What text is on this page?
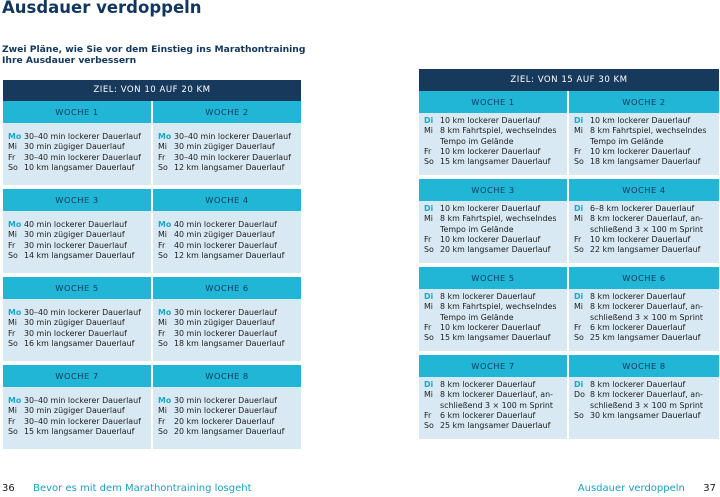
Ausdauer verdoppeln
Zwei Pläne, wie Sie vor dem Einstieg ins Marathontraining
Ihre Ausdauer verbessern
ZIEL: VON 10 AUF 20 KM
WOCHE 1
Mo 30–40 min lockerer Dauerlauf
Mi 30 min zügiger Dauerlauf
Fr	30–40 min lockerer Dauerlauf
So 10 km langsamer Dauerlauf
WOCHE 2
Mo 30–40 min lockerer Dauerlauf
Mi 30 min zügiger Dauerlauf
Fr	30–40 min lockerer Dauerlauf
So 12 km langsamer Dauerlauf
WOCHE 3
Mo 40 min lockerer Dauerlauf
Mi 30 min zügiger Dauerlauf
Fr	30 min lockerer Dauerlauf
So 14 km langsamer Dauerlauf
WOCHE 4
Mo 40 min lockerer Dauerlauf
Mi 40 min zügiger Dauerlauf
Fr	40 min lockerer Dauerlauf
So 12 km langsamer Dauerlauf
WOCHE 5
Mo 30–40 min lockerer Dauerlauf
Mi 30 min zügiger Dauerlauf
Fr	30 min lockerer Dauerlauf
So 16 km langsamer Dauerlauf
WOCHE 6
Mo 30 min lockerer Dauerlauf
Mi 30 min zügiger Dauerlauf
Fr	30 min lockerer Dauerlauf
So 18 km langsamer Dauerlauf
WOCHE 7
Mo 30–40 min lockerer Dauerlauf
Mi 30 min zügiger Dauerlauf
Fr	30–40 min lockerer Dauerlauf
So 15 km langsamer Dauerlauf
WOCHE 8
Mo 30 min lockerer Dauerlauf
Mi 30 min lockerer Dauerlauf
Fr	20 km lockerer Dauerlauf
So 20 km langsamer Dauerlauf
ZIEL: VON 15 AUF 30 KM
WOCHE 1
Di 10 km lockerer Dauerlauf
Mi 8 km Fahrtspiel, wechselndes
Tempo im Gelände
Fr	10 km lockerer Dauerlauf
So 15 km langsamer Dauerlauf
WOCHE 2
Di 10 km lockerer Dauerlauf
Mi 8 km Fahrtspiel, wechselndes
Tempo im Gelände
Fr	10 km lockerer Dauerlauf
So 18 km langsamer Dauerlauf
WOCHE 3
Di 10 km lockerer Dauerlauf
Mi 8 km Fahrtspiel, wechselndes
Tempo im Gelände
Fr	10 km lockerer Dauerlauf
So 20 km langsamer Dauerlauf
WOCHE 4
Di 6–8 km lockerer Dauerlauf
Mi 8 km lockerer Dauerlauf, an-
schließend 3 × 100 m Sprint
Fr	10 km lockerer Dauerlauf
So 22 km langsamer Dauerlauf
WOCHE 5
Di 8 km lockerer Dauerlauf
Mi 8 km Fahrtspiel, wechselndes
Tempo im Gelände
Fr	10 km lockerer Dauerlauf
So 15 km langsamer Dauerlauf
WOCHE 6
Di 8 km lockerer Dauerlauf
Mi 8 km lockerer Dauerlauf, an-
schließend 3 × 100 m Sprint
Fr	6 km lockerer Dauerlauf
So 25 km langsamer Dauerlauf
WOCHE 7
Di 8 km lockerer Dauerlauf
Mi 8 km lockerer Dauerlauf, an-
schließend 3 × 100 m Sprint
Fr	6 km lockerer Dauerlauf
So 25 km langsamer Dauerlauf
WOCHE 8
Di 8 km lockerer Dauerlauf
Do 8 km lockerer Dauerlauf, an-
schließend 3 × 100 m Sprint
So 30 km langsamer Dauerlauf
36 Bevor es mit dem Marathontraining losgeht	Ausdauer verdoppeln 37
